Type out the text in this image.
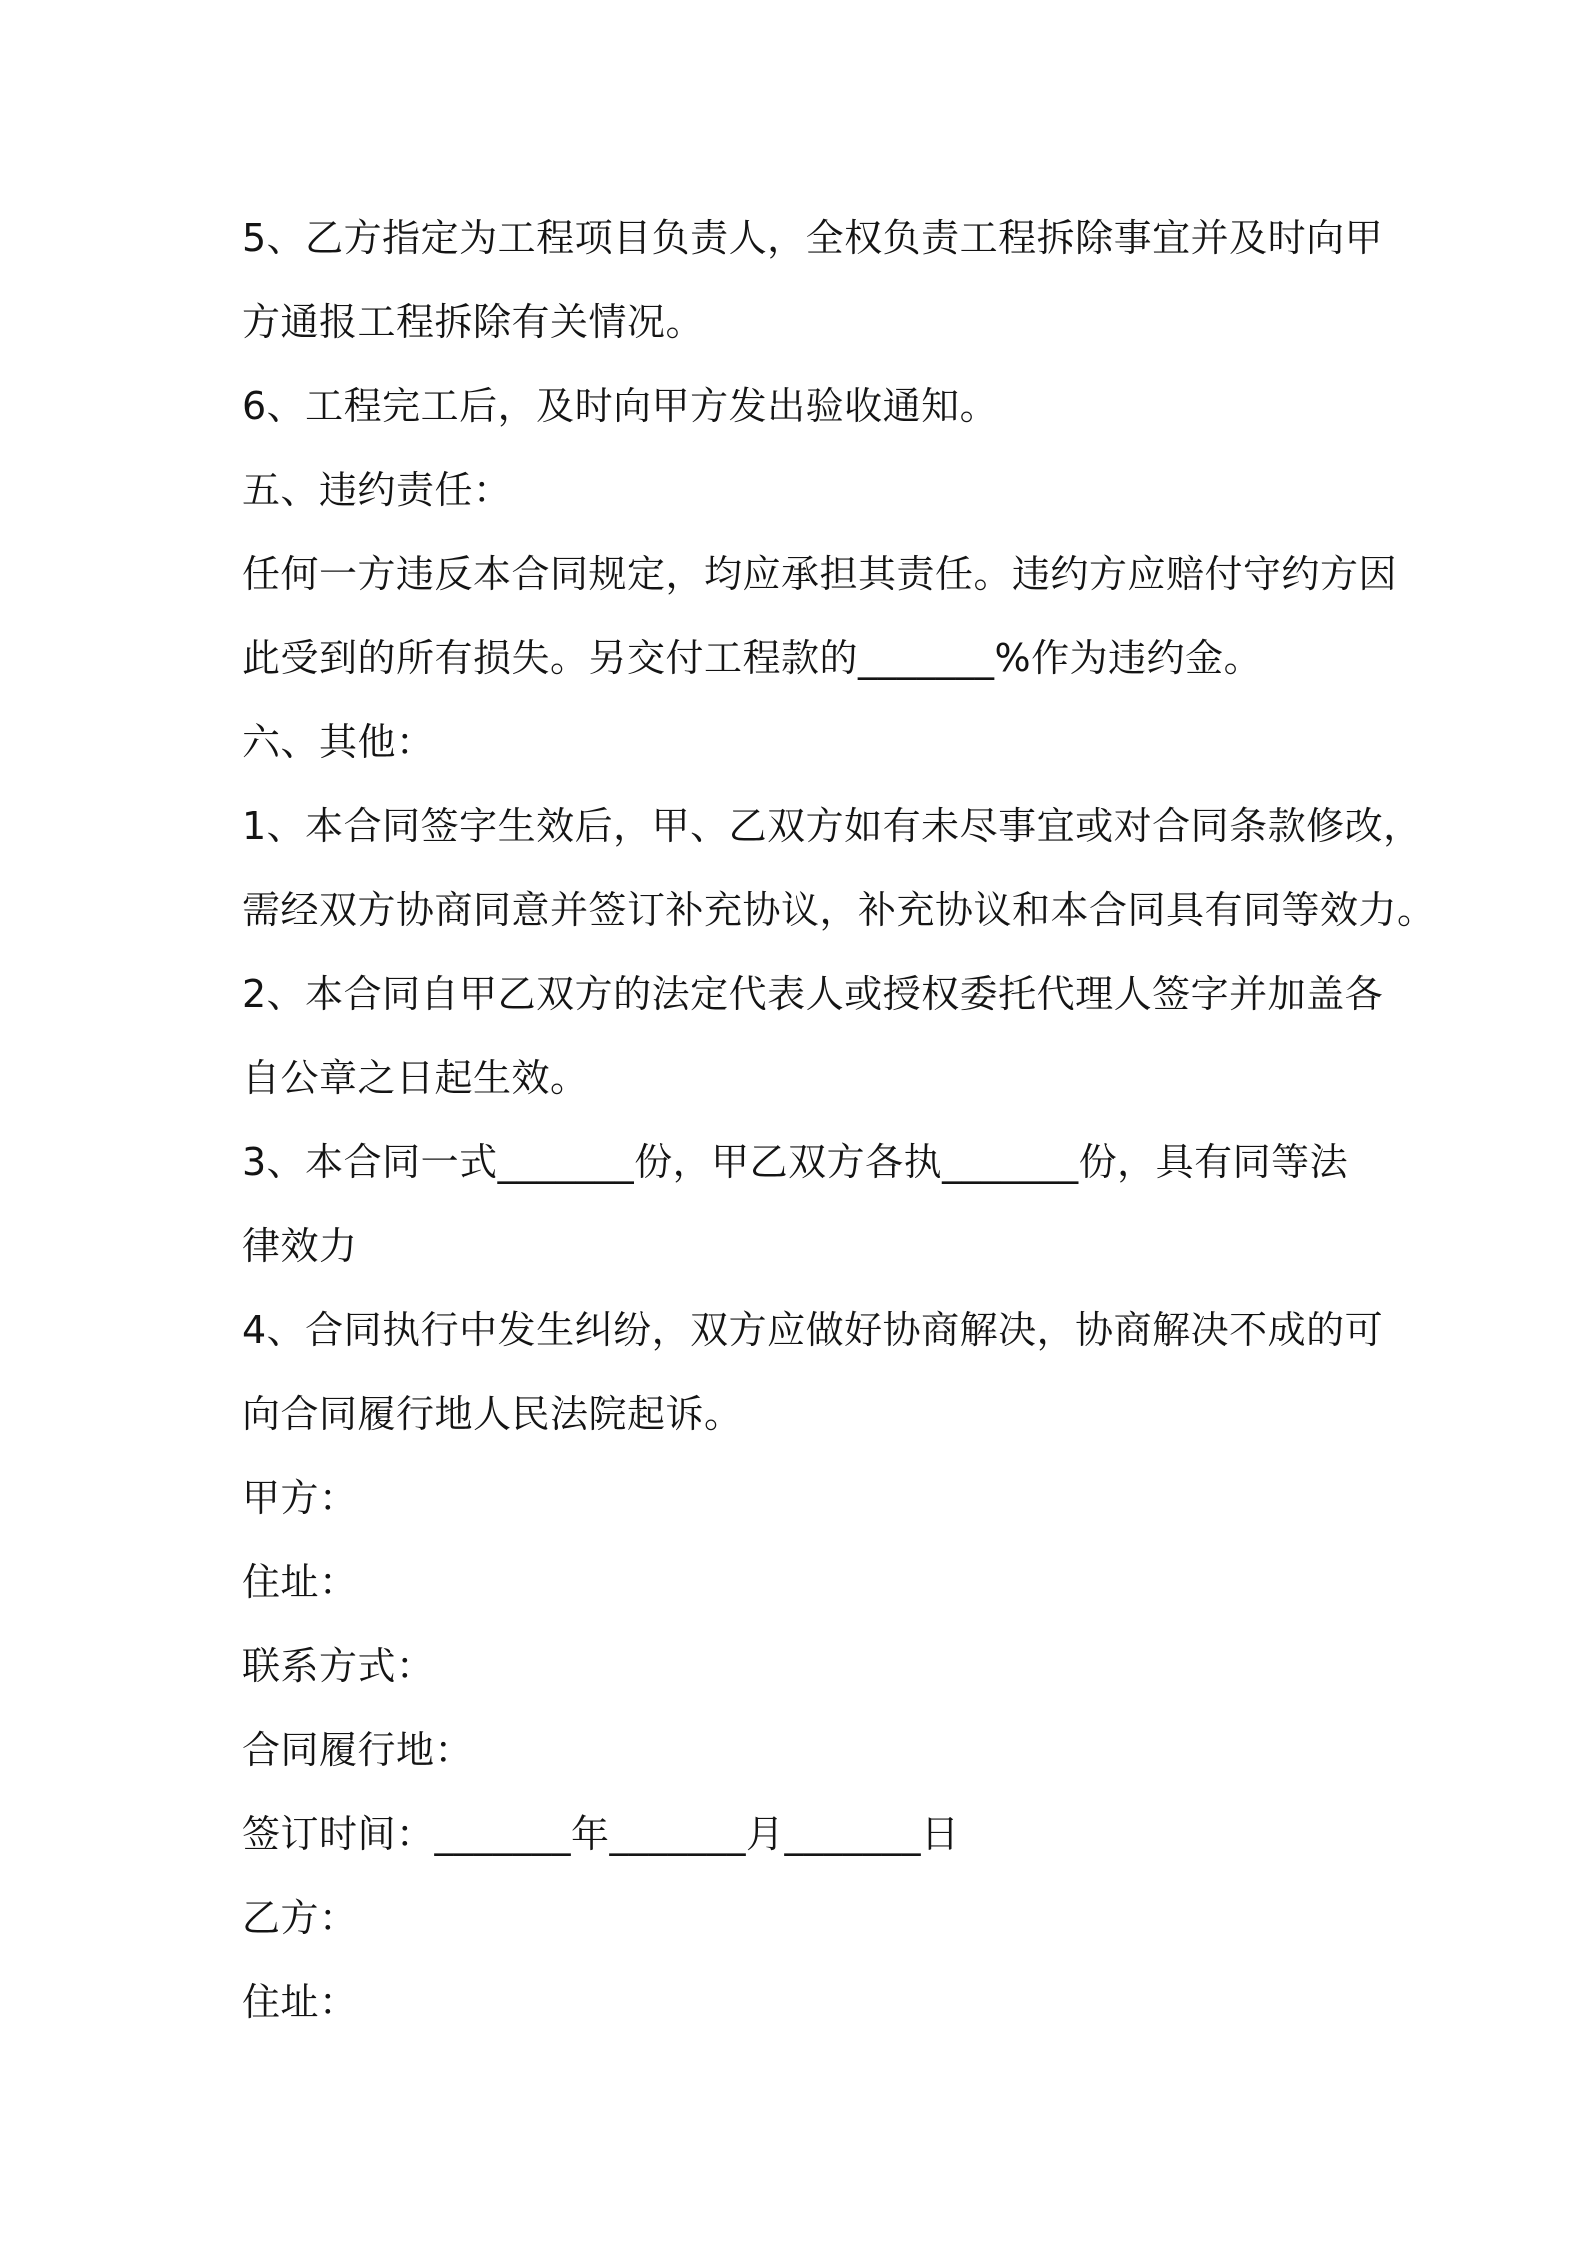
5、乙方指定为工程项目负责人，全权负责工程拆除事宜并及时向甲
方通报工程拆除有关情况。
6、工程完工后，及时向甲方发出验收通知。
五、违约责任：
任何一方违反本合同规定，均应承担其责任。违约方应赔付守约方因
此受到的所有损失。另交付工程款的_______%作为违约金。
六、其他：
1、本合同签字生效后，甲、乙双方如有未尽事宜或对合同条款修改，
需经双方协商同意并签订补充协议，补充协议和本合同具有同等效力。
2、本合同自甲乙双方的法定代表人或授权委托代理人签字并加盖各
自公章之日起生效。
3、本合同一式_______份，甲乙双方各执_______份，具有同等法
律效力
4、合同执行中发生纠纷，双方应做好协商解决，协商解决不成的可
向合同履行地人民法院起诉。
甲方：
住址：
联系方式：
合同履行地：
签订时间：_______年_______月_______日
乙方：
住址：
